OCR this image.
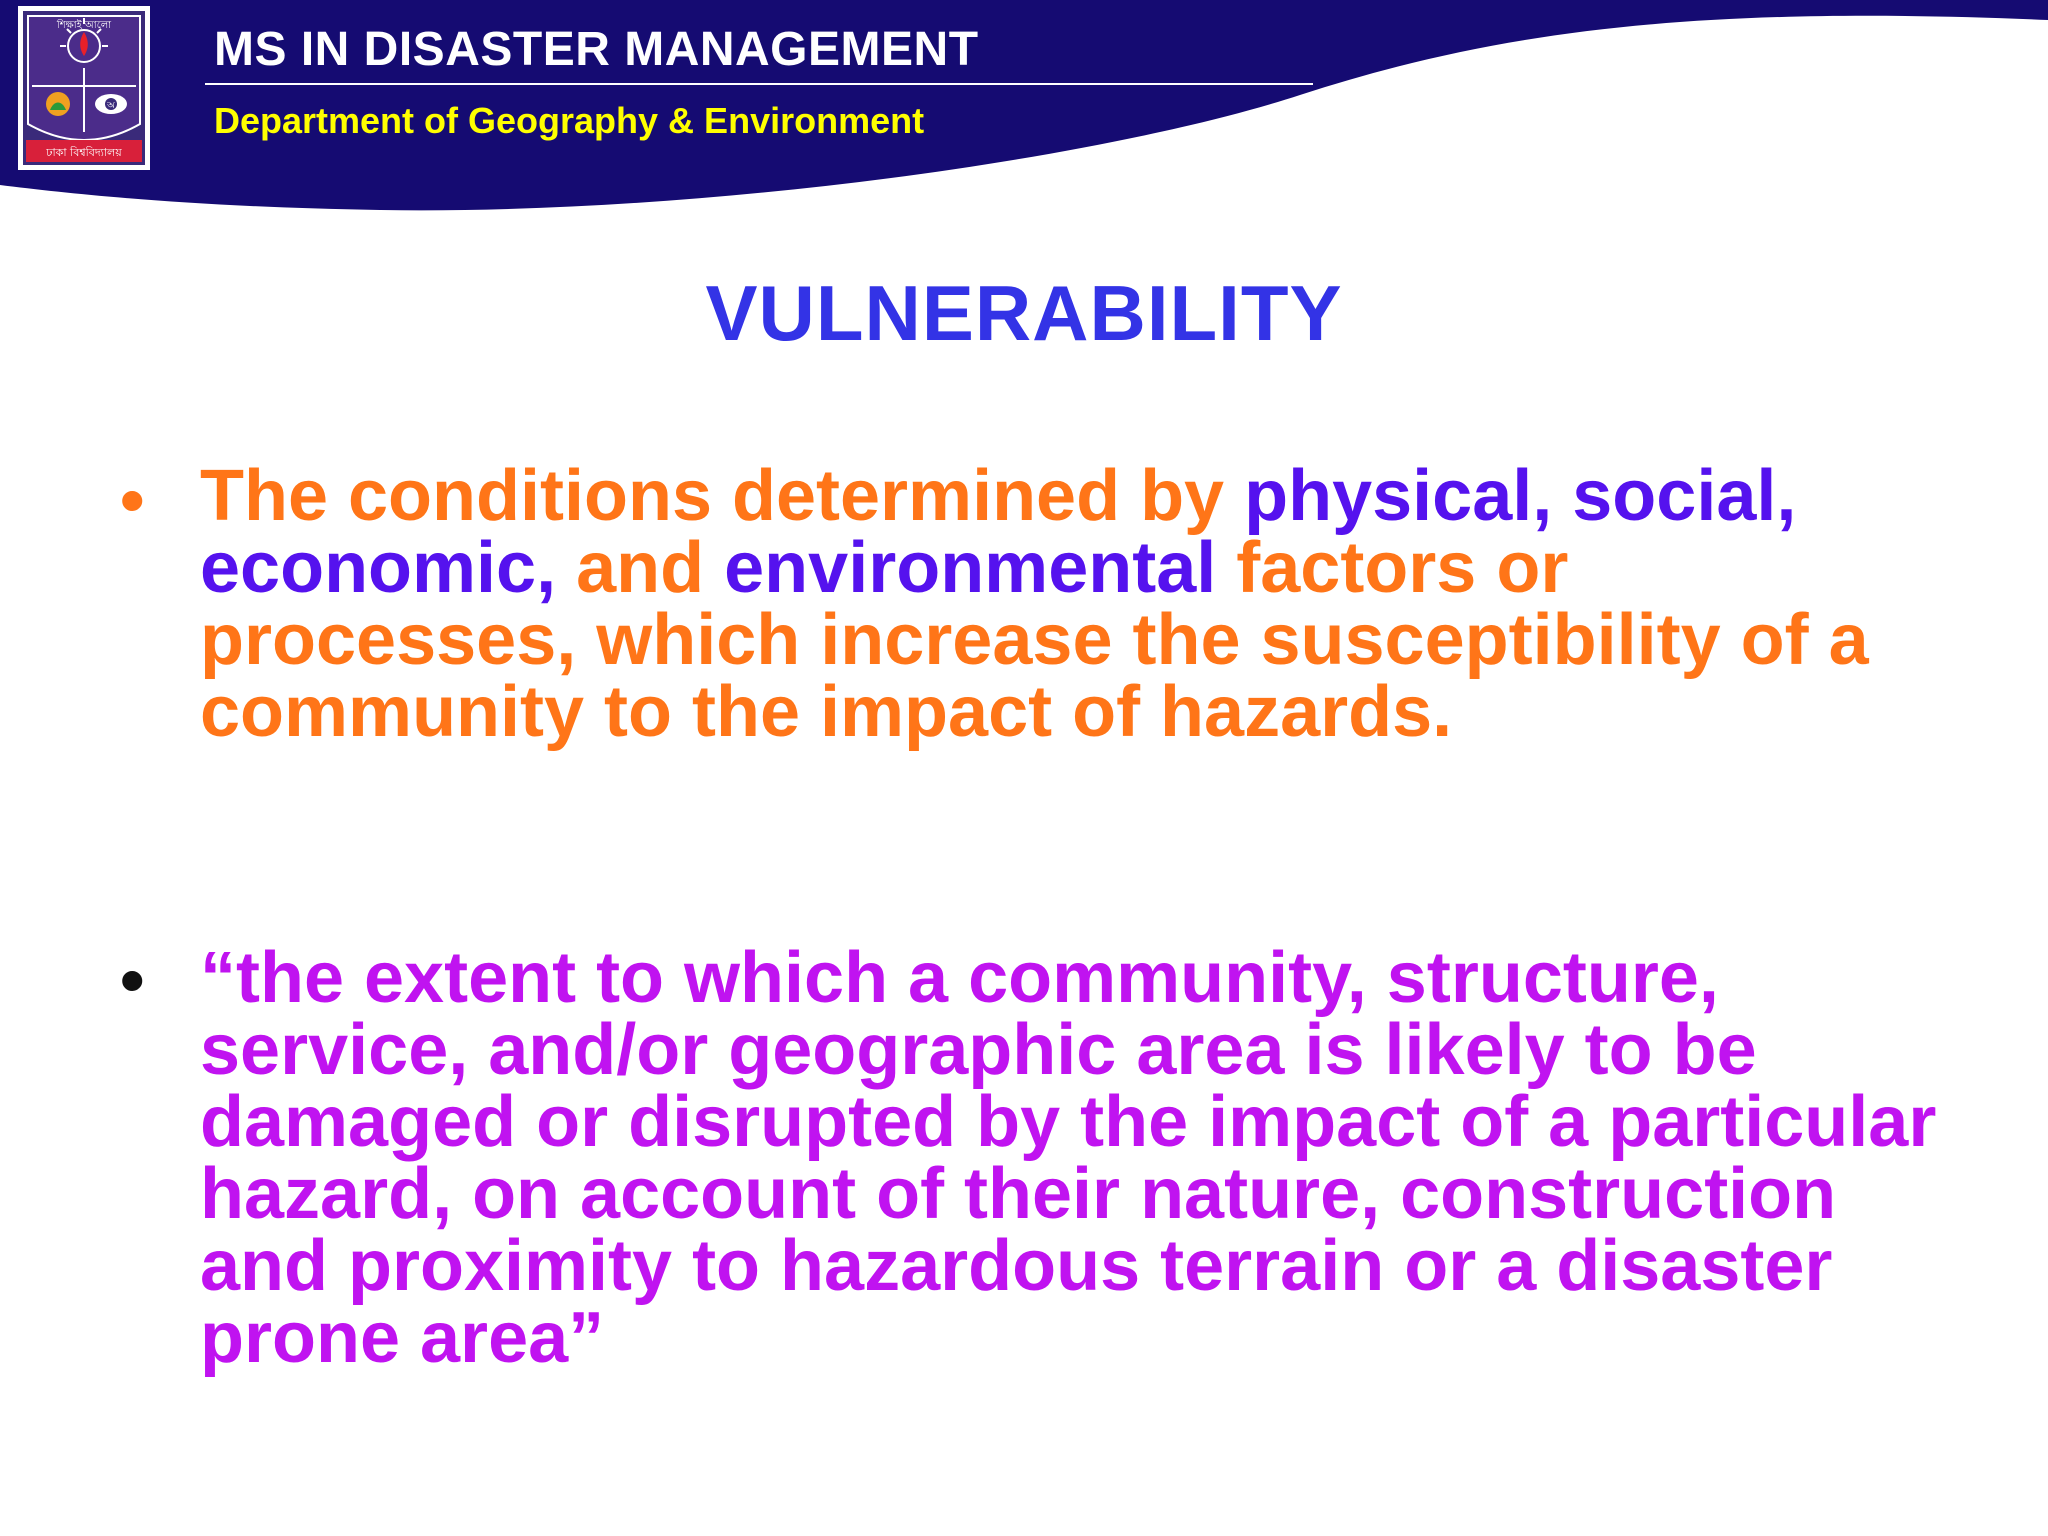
অ
শিক্ষাই আলো
ঢাকা বিশ্ববিদ্যালয়
MS IN DISASTER MANAGEMENT
Department of Geography & Environment
VULNERABILITY
• The conditions determined by physical, social, economic, and environmental factors or processes, which increase the susceptibility of a community to the impact of hazards.

• “the extent to which a community, structure, service, and/or geographic area is likely to be damaged or disrupted by the impact of a particular hazard, on account of their nature, construction and proximity to hazardous terrain or a disaster prone area”
